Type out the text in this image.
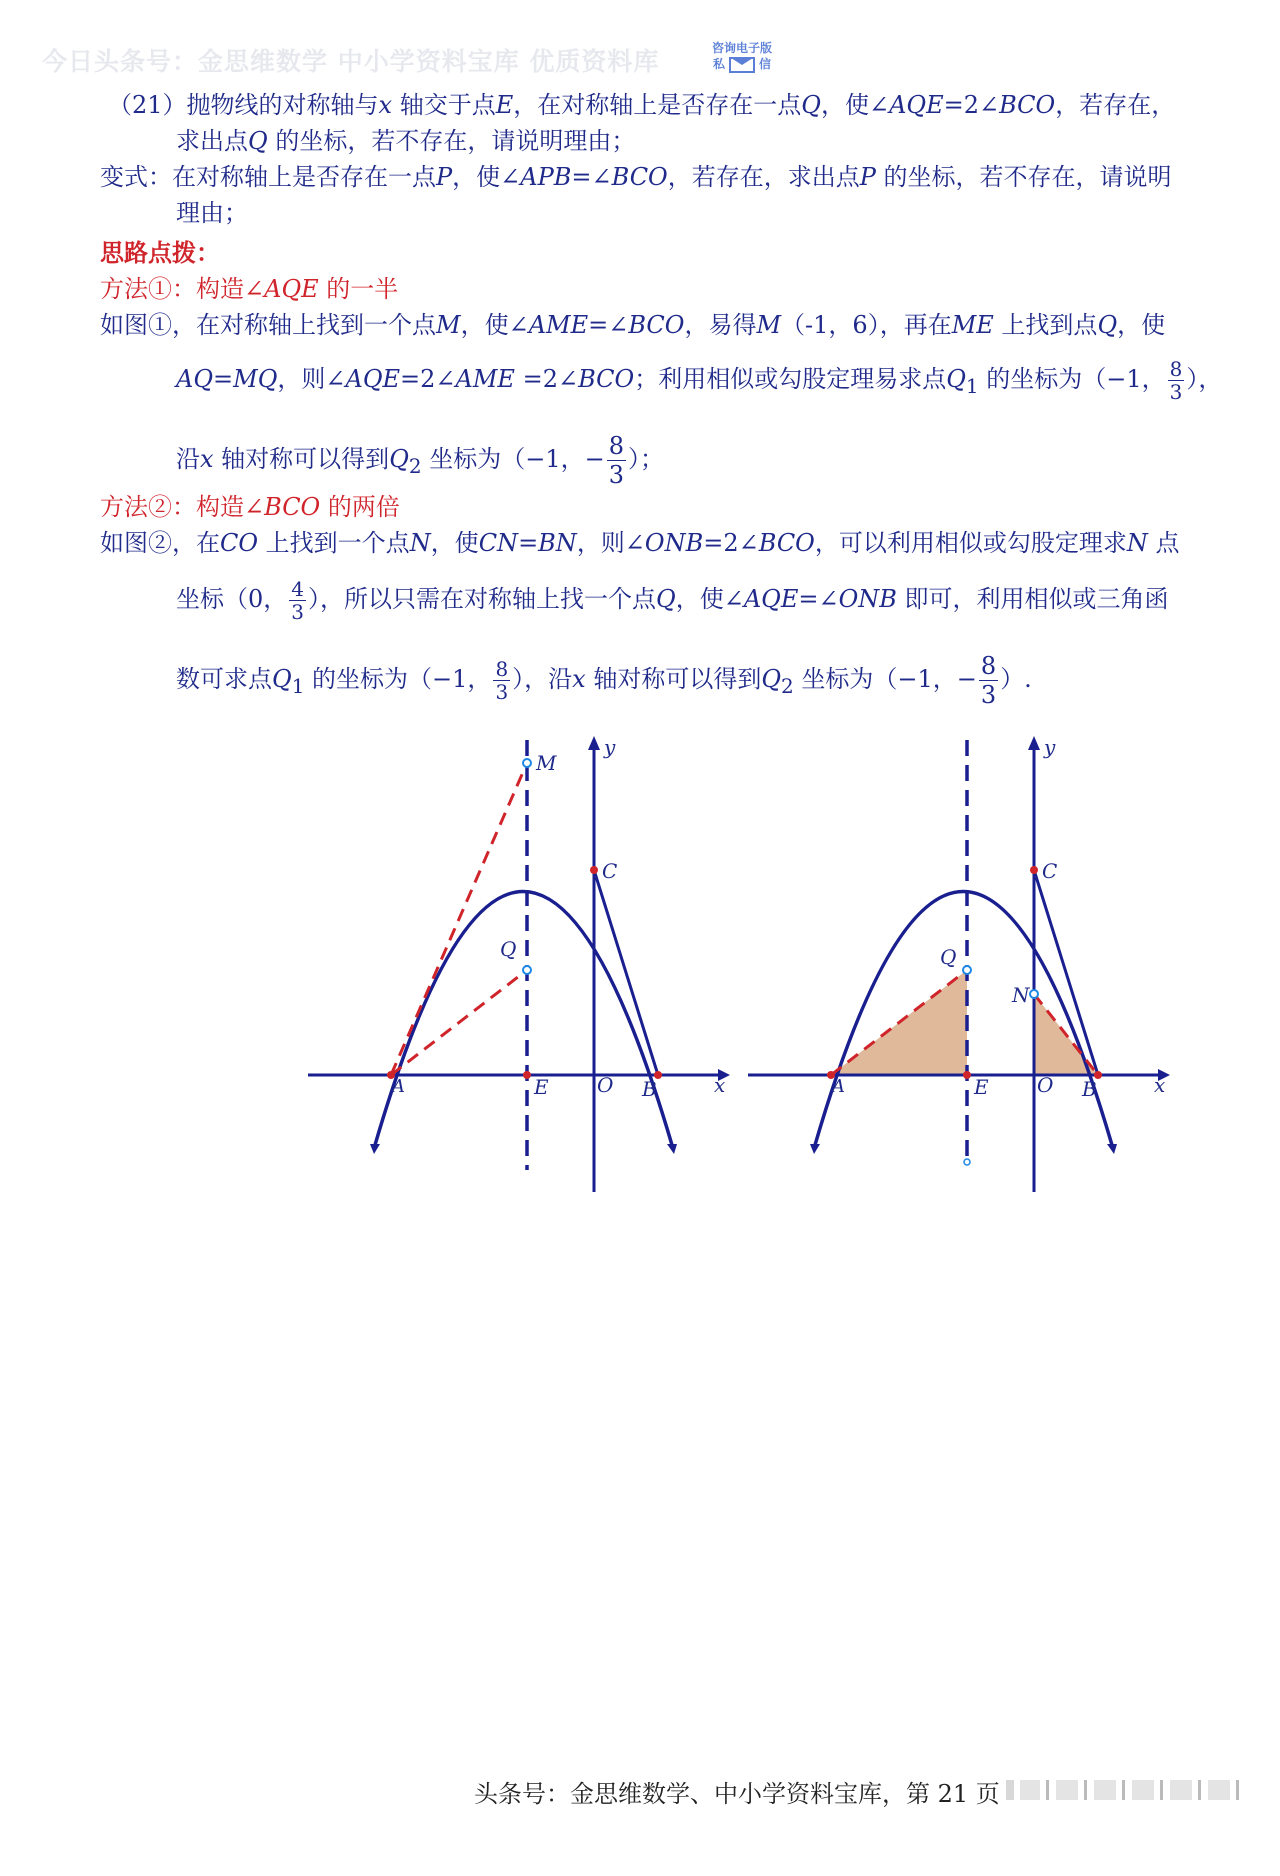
今日头条号：金思维数学 中小学资料宝库 优质资料库	咨询电子版
私	信
（21）抛物线的对称轴与x 轴交于点E，在对称轴上是否存在一点Q，使∠AQE=2∠BCO，若存在，
求出点Q 的坐标，若不存在，请说明理由；
变式：在对称轴上是否存在一点P，使∠APB=∠BCO，若存在，求出点P 的坐标，若不存在，请说明
理由；
思路点拨：
方法①：构造∠AQE 的一半
如图①，在对称轴上找到一个点M，使∠AME=∠BCO，易得M（-1，6），再在ME 上找到点Q，使
AQ=MQ，则∠AQE=2∠AME =2∠BCO；利用相似或勾股定理易求点$Q_1$ 的坐标为（−1， $\frac{8}{3}$ ），
沿x 轴对称可以得到$Q_2$ 坐标为（−1，− $\frac{8}{3}$ ）；
方法②：构造∠BCO 的两倍
如图②，在CO 上找到一个点N，使CN=BN，则∠ONB=2∠BCO，可以利用相似或勾股定理求N 点
坐标（0， $\frac{4}{3}$ ），所以只需在对称轴上找一个点Q，使∠AQE=∠ONB 即可，利用相似或三角函
数可求点$Q_1$ 的坐标为（−1， $\frac{8}{3}$ ），沿x 轴对称可以得到$Q_2$ 坐标为（−1，− $\frac{8}{3}$ ）.
A	E O B	x
y
C
M
Q
A	E O B	x
y
C
Q
N
头条号：金思维数学、中小学资料宝库，第 21 页
